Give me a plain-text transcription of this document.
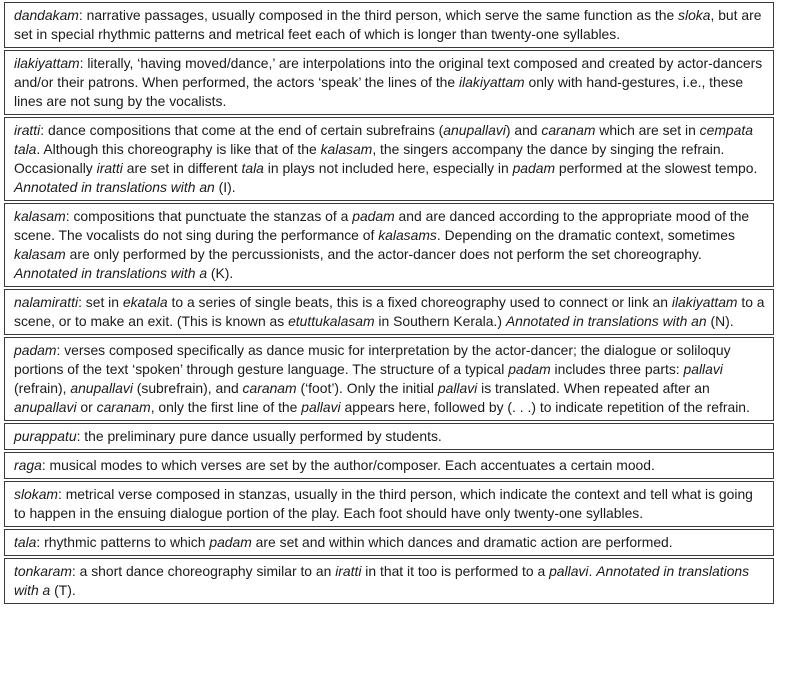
dandakam: narrative passages, usually composed in the third person, which serve the same function as the sloka, but are set in special rhythmic patterns and metrical feet each of which is longer than twenty-one syllables.
ilakiyattam: literally, ‘having moved/dance,’ are interpolations into the original text composed and created by actor-dancers and/or their patrons. When performed, the actors ‘speak’ the lines of the ilakiyattam only with hand-gestures, i.e., these lines are not sung by the vocalists.
iratti: dance compositions that come at the end of certain subrefrains (anupallavi) and caranam which are set in cempata tala. Although this choreography is like that of the kalasam, the singers accompany the dance by singing the refrain. Occasionally iratti are set in different tala in plays not included here, especially in padam performed at the slowest tempo. Annotated in translations with an (I).
kalasam: compositions that punctuate the stanzas of a padam and are danced according to the appropriate mood of the scene. The vocalists do not sing during the performance of kalasams. Depending on the dramatic context, sometimes kalasam are only performed by the percussionists, and the actor-dancer does not perform the set choreography. Annotated in translations with a (K).
nalamiratti: set in ekatala to a series of single beats, this is a fixed choreography used to connect or link an ilakiyattam to a scene, or to make an exit. (This is known as etuttukalasam in Southern Kerala.) Annotated in translations with an (N).
padam: verses composed specifically as dance music for interpretation by the actor-dancer; the dialogue or soliloquy portions of the text ‘spoken’ through gesture language. The structure of a typical padam includes three parts: pallavi (refrain), anupallavi (subrefrain), and caranam (‘foot’). Only the initial pallavi is translated. When repeated after an anupallavi or caranam, only the first line of the pallavi appears here, followed by (. . .) to indicate repetition of the refrain.
purappatu: the preliminary pure dance usually performed by students.
raga: musical modes to which verses are set by the author/composer. Each accentuates a certain mood.
slokam: metrical verse composed in stanzas, usually in the third person, which indicate the context and tell what is going to happen in the ensuing dialogue portion of the play. Each foot should have only twenty-one syllables.
tala: rhythmic patterns to which padam are set and within which dances and dramatic action are performed.
tonkaram: a short dance choreography similar to an iratti in that it too is performed to a pallavi. Annotated in translations with a (T).
